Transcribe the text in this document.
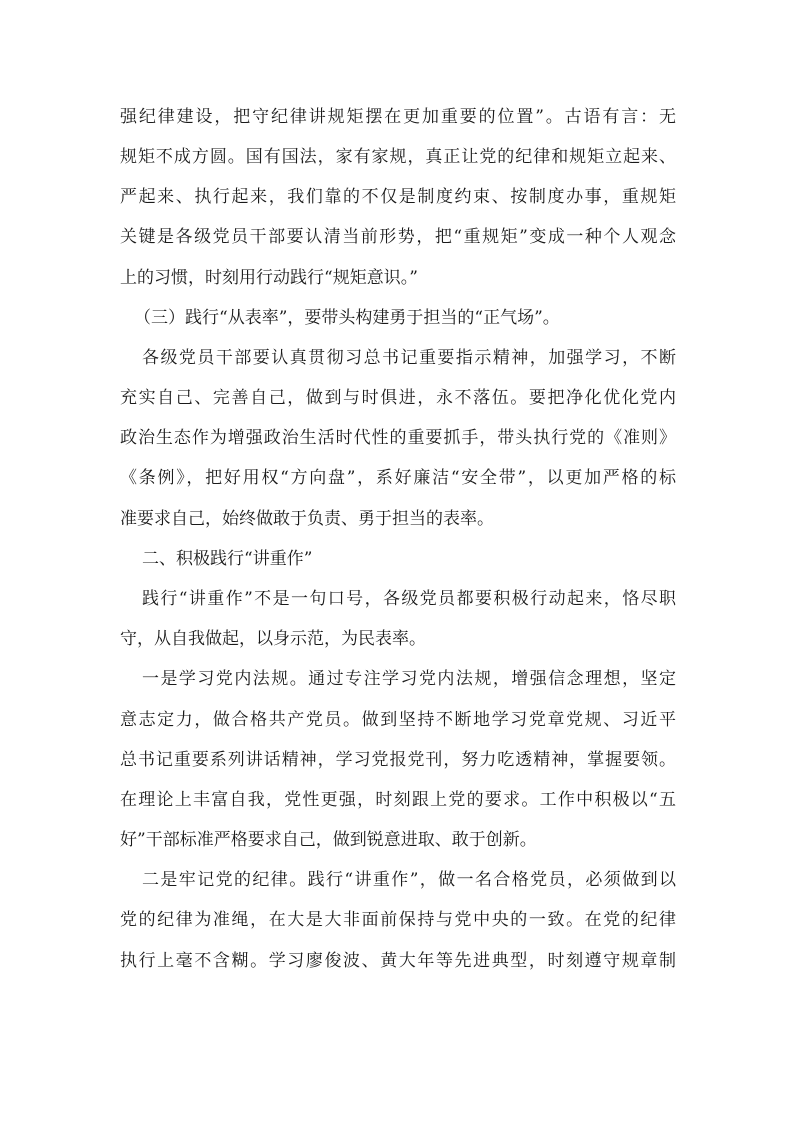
强纪律建设，把守纪律讲规矩摆在更加重要的位置”。古语有言：无
规矩不成方圆。国有国法，家有家规，真正让党的纪律和规矩立起来、
严起来、执行起来，我们靠的不仅是制度约束、按制度办事，重规矩
关键是各级党员干部要认清当前形势，把“重规矩”变成一种个人观念
上的习惯，时刻用行动践行“规矩意识。”
（三）践行“从表率”，要带头构建勇于担当的“正气场”。
各级党员干部要认真贯彻习总书记重要指示精神，加强学习，不断
充实自己、完善自己，做到与时俱进，永不落伍。要把净化优化党内
政治生态作为增强政治生活时代性的重要抓手，带头执行党的《准则》
《条例》，把好用权“方向盘”，系好廉洁“安全带”，以更加严格的标
准要求自己，始终做敢于负责、勇于担当的表率。
二、积极践行“讲重作”
践行“讲重作”不是一句口号，各级党员都要积极行动起来，恪尽职
守，从自我做起，以身示范，为民表率。
一是学习党内法规。通过专注学习党内法规，增强信念理想，坚定
意志定力，做合格共产党员。做到坚持不断地学习党章党规、习近平
总书记重要系列讲话精神，学习党报党刊，努力吃透精神，掌握要领。
在理论上丰富自我，党性更强，时刻跟上党的要求。工作中积极以“五
好”干部标准严格要求自己，做到锐意进取、敢于创新。
二是牢记党的纪律。践行“讲重作”，做一名合格党员，必须做到以
党的纪律为准绳，在大是大非面前保持与党中央的一致。在党的纪律
执行上毫不含糊。学习廖俊波、黄大年等先进典型，时刻遵守规章制
